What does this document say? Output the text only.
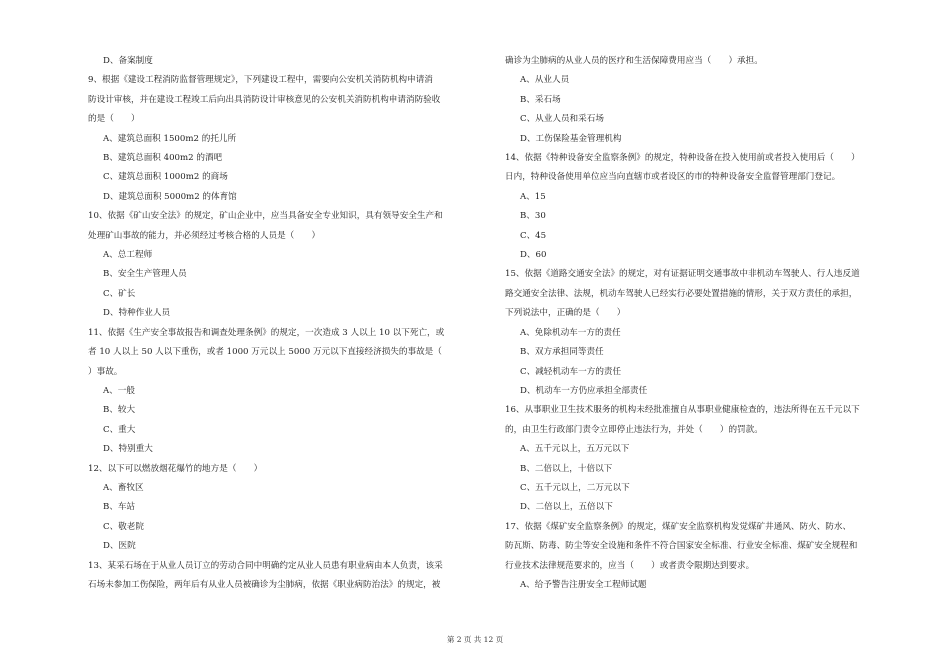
D、备案制度
9、根据《建设工程消防监督管理规定》，下列建设工程中，需要向公安机关消防机构申请消
防设计审核，并在建设工程竣工后向出具消防设计审核意见的公安机关消防机构申请消防验收
的是（　　）
A、建筑总面积 1500m2 的托儿所
B、建筑总面积 400m2 的酒吧
C、建筑总面积 1000m2 的商场
D、建筑总面积 5000m2 的体育馆
10、依据《矿山安全法》的规定，矿山企业中，应当具备安全专业知识，具有领导安全生产和
处理矿山事故的能力，并必须经过考核合格的人员是（　　）
A、总工程师
B、安全生产管理人员
C、矿长
D、特种作业人员
11、依据《生产安全事故报告和调查处理条例》的规定，一次造成 3 人以上 10 以下死亡，或
者 10 人以上 50 人以下重伤，或者 1000 万元以上 5000 万元以下直接经济损失的事故是（
）事故。
A、一般
B、较大
C、重大
D、特别重大
12、以下可以燃放烟花爆竹的地方是（　　）
A、畜牧区
B、车站
C、敬老院
D、医院
13、某采石场在于从业人员订立的劳动合同中明确约定从业人员患有职业病由本人负责，该采
石场未参加工伤保险，两年后有从业人员被确诊为尘肺病，依据《职业病防治法》的规定，被
确诊为尘肺病的从业人员的医疗和生活保障费用应当（　　）承担。
A、从业人员
B、采石场
C、从业人员和采石场
D、工伤保险基金管理机构
14、依据《特种设备安全监察条例》的规定，特种设备在投入使用前或者投入使用后（　　）
日内，特种设备使用单位应当向直辖市或者设区的市的特种设备安全监督管理部门登记。
A、15
B、30
C、45
D、60
15、依据《道路交通安全法》的规定，对有证据证明交通事故中非机动车驾驶人、行人违反道
路交通安全法律、法规，机动车驾驶人已经实行必要处置措施的情形，关于双方责任的承担，
下列说法中，正确的是（　　）
A、免除机动车一方的责任
B、双方承担同等责任
C、减轻机动车一方的责任
D、机动车一方仍应承担全部责任
16、从事职业卫生技术服务的机构未经批准擅自从事职业健康检查的，违法所得在五千元以下
的，由卫生行政部门责令立即停止违法行为，并处（　　）的罚款。
A、五千元以上，五万元以下
B、二倍以上，十倍以下
C、五千元以上，二万元以下
D、二倍以上，五倍以下
17、依据《煤矿安全监察条例》的规定，煤矿安全监察机构发觉煤矿井通风、防火、防水、
防瓦斯、防毒、防尘等安全设施和条件不符合国家安全标准、行业安全标准、煤矿安全规程和
行业技术法律规范要求的，应当（　　）或者责令限期达到要求。
A、给予警告注册安全工程师试题
第 2 页 共 12 页
